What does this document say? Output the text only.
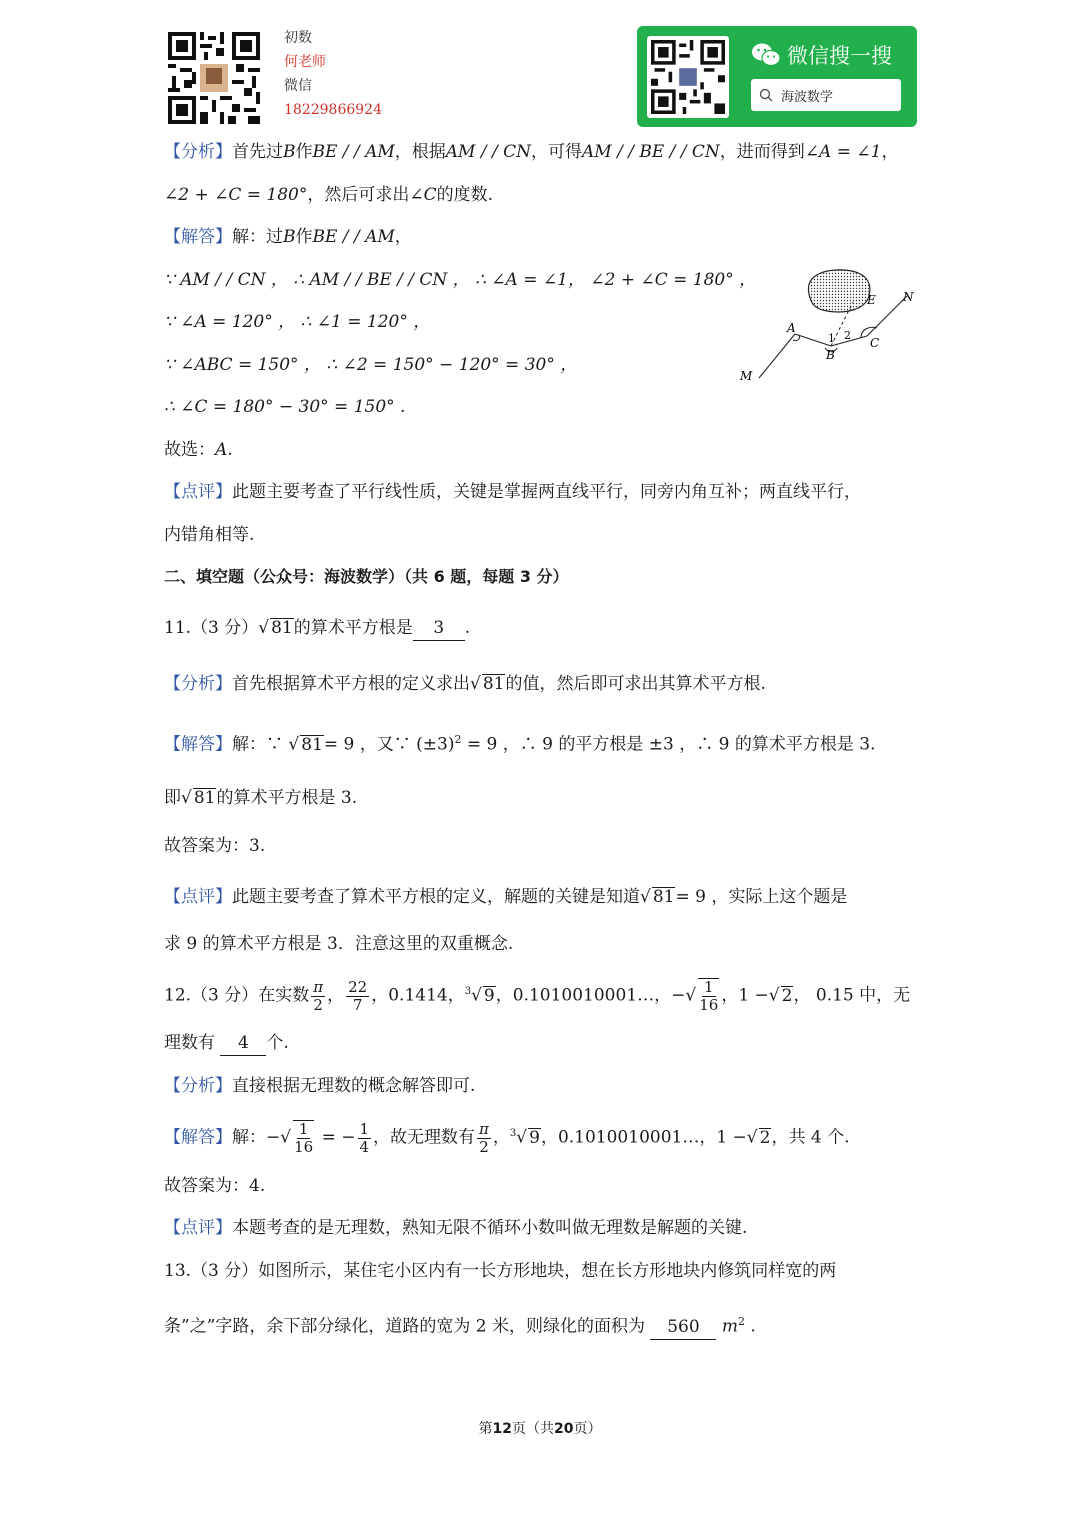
初数
何老师
微信
18229866924
微信搜一搜
海波数学
【分析】首先过B作BE / / AM，根据AM / / CN，可得AM / / BE / / CN，进而得到∠A = ∠1，
∠2 + ∠C = 180°，然后可求出∠C的度数.
【解答】解：过B作BE / / AM，
∵ AM / / CN ， ∴ AM / / BE / / CN ， ∴ ∠A = ∠1， ∠2 + ∠C = 180° ，
∵ ∠A = 120° ， ∴ ∠1 = 120° ，
∵ ∠ABC = 150° ， ∴ ∠2 = 150° − 120° = 30° ，
∴ ∠C = 180° − 30° = 150° .
故选：A.
A
B
C
E
M
N
1 2
【点评】此题主要考查了平行线性质，关键是掌握两直线平行，同旁内角互补；两直线平行，
内错角相等.
二、填空题（公众号：海波数学）（共 6 题，每题 3 分）
11.（3 分）√ 81的算术平方根是 3 .
【分析】首先根据算术平方根的定义求出√ 81的值，然后即可求出其算术平方根.
【解答】解：∵ √ 81= 9 ，又∵ $(\pm 3)^2 = 9$ ，∴ 9 的平方根是 ±3 ，∴ 9 的算术平方根是 3.
即√ 81的算术平方根是 3.
故答案为：3.
【点评】此题主要考查了算术平方根的定义，解题的关键是知道√ 81= 9 ，实际上这个题是
求 9 的算术平方根是 3．注意这里的双重概念.
12.（3 分）在实数 $\frac{\pi}{2}$ ， $\frac{22}{7}$ ，0.1414，$^3$√ 9，0.1010010001…，−√ $\frac{1}{16}$ ，1 −√ 2， 0.15 中，无
理数有 4 个.
【分析】直接根据无理数的概念解答即可.
【解答】解：−√ $\frac{1}{16}$ = − $\frac{1}{4}$ ，故无理数有 $\frac{\pi}{2}$ ，$^3$√ 9，0.1010010001…，1 −√ 2，共 4 个.
故答案为：4.
【点评】本题考查的是无理数，熟知无限不循环小数叫做无理数是解题的关键.
13.（3 分）如图所示，某住宅小区内有一长方形地块，想在长方形地块内修筑同样宽的两
条”之”字路，余下部分绿化，道路的宽为 2 米，则绿化的面积为 560 $m^2$ .
第12页（共20页）
